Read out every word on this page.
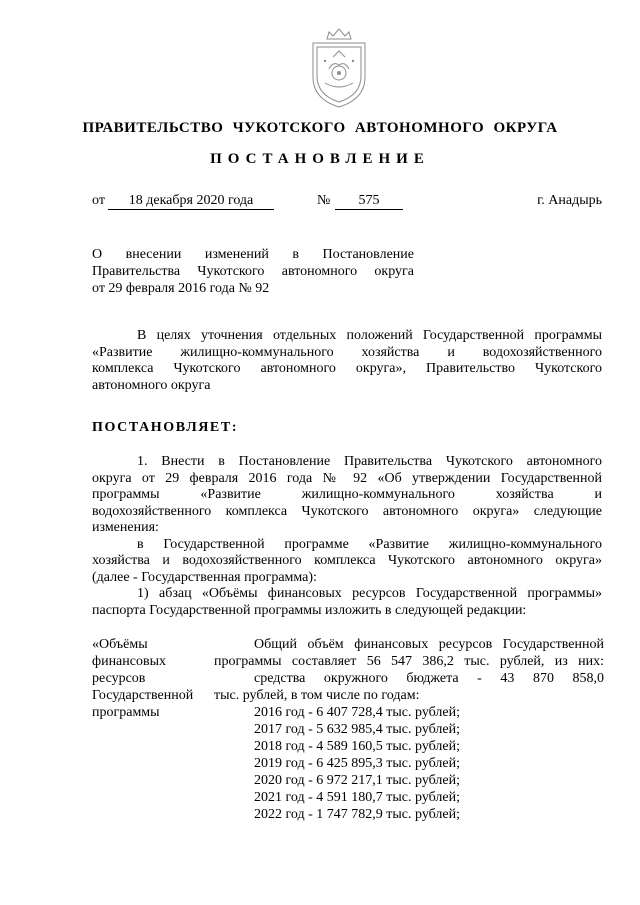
ПРАВИТЕЛЬСТВО ЧУКОТСКОГО АВТОНОМНОГО ОКРУГА
ПОСТАНОВЛЕНИЕ
от	18 декабря 2020 года	№	575	г. Анадырь
О внесении изменений в Постановление
Правительства Чукотского автономного округа
от 29 февраля 2016 года № 92
В целях уточнения отдельных положений Государственной программы
«Развитие жилищно-коммунального хозяйства и водохозяйственного
комплекса Чукотского автономного округа», Правительство Чукотского
автономного округа
ПОСТАНОВЛЯЕТ:
1. Внести в Постановление Правительства Чукотского автономного
округа от 29 февраля 2016 года № 92 «Об утверждении Государственной
программы «Развитие жилищно-коммунального хозяйства и
водохозяйственного комплекса Чукотского автономного округа» следующие
изменения:
в Государственной программе «Развитие жилищно-коммунального
хозяйства и водохозяйственного комплекса Чукотского автономного округа»
(далее - Государственная программа):
1) абзац «Объёмы финансовых ресурсов Государственной программы»
паспорта Государственной программы изложить в следующей редакции:
«Объёмы
финансовых
ресурсов
Государственной
программы
Общий объём финансовых ресурсов Государственной
программы составляет 56 547 386,2 тыс. рублей, из них:
средства окружного бюджета - 43 870 858,0
тыс. рублей, в том числе по годам:
2016 год - 6 407 728,4 тыс. рублей;
2017 год - 5 632 985,4 тыс. рублей;
2018 год - 4 589 160,5 тыс. рублей;
2019 год - 6 425 895,3 тыс. рублей;
2020 год - 6 972 217,1 тыс. рублей;
2021 год - 4 591 180,7 тыс. рублей;
2022 год - 1 747 782,9 тыс. рублей;
